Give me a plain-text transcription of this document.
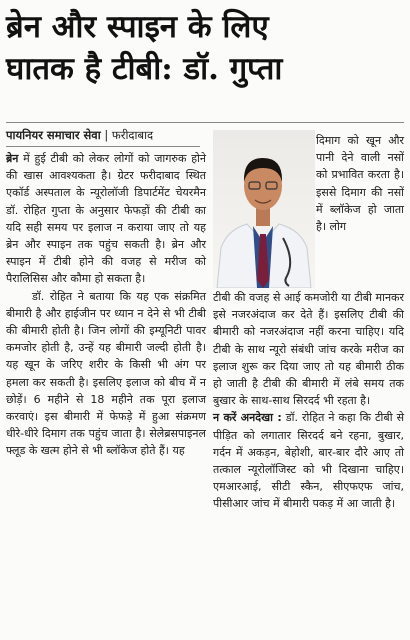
ब्रेन और स्पाइन के लिए
घातक है टीबी: डॉ. गुप्ता
पायनियर समाचार सेवा | फरीदाबाद

ब्रेन में हुई टीबी को लेकर लोगों को जागरुक होने की खास आवश्यकता है। ग्रेटर फरीदाबाद स्थित एकॉर्ड अस्पताल के न्यूरोलॉजी डिपार्टमेंट चेयरमैन डॉ. रोहित गुप्ता के अनुसार फेफड़ों की टीबी का यदि सही समय पर इलाज न कराया जाए तो यह ब्रेन और स्पाइन तक पहुंच सकती है। ब्रेन और स्पाइन में टीबी होने की वजह से मरीज को पैरालिसिस और कौमा हो सकता है।

डॉ. रोहित ने बताया कि यह एक संक्रमित बीमारी है और हाईजीन पर ध्यान न देने से भी टीबी की बीमारी होती है। जिन लोगों की इम्यूनिटी पावर कमजोर होती है, उन्हें यह बीमारी जल्दी होती है। यह खून के जरिए शरीर के किसी भी अंग पर हमला कर सकती है। इसलिए इलाज को बीच में न छोड़ें। 6 महीने से 18 महीने तक पूरा इलाज करवाएं। इस बीमारी में फेफड़े में हुआ संक्रमण धीरे-धीरे दिमाग तक पहुंच जाता है। सेलेब्रसपाइनल फ्लूड के खत्म होने से भी ब्लॉकेज होते हैं। यह

दिमाग को खून और पानी देने वाली नसों को प्रभावित करता है। इससे दिमाग की नसों में ब्लॉकेज हो जाता है। लोग

टीबी की वजह से आई कमजोरी या टीबी मानकर इसे नजरअंदाज कर देते हैं। इसलिए टीबी की बीमारी को नजरअंदाज नहीं करना चाहिए। यदि टीबी के साथ न्यूरो संबंधी जांच करके मरीज का इलाज शुरू कर दिया जाए तो यह बीमारी ठीक हो जाती है टीबी की बीमारी में लंबे समय तक बुखार के साथ-साथ सिरदर्द भी रहता है।

न करें अनदेखा : डॉ. रोहित ने कहा कि टीबी से पीड़ित को लगातार सिरदर्द बने रहना, बुखार, गर्दन में अकड़न, बेहोशी, बार-बार दौरे आए तो तत्काल न्यूरोलॉजिस्ट को भी दिखाना चाहिए। एमआरआई, सीटी स्कैन, सीएफएफ जांच, पीसीआर जांच में बीमारी पकड़ में आ जाती है।
